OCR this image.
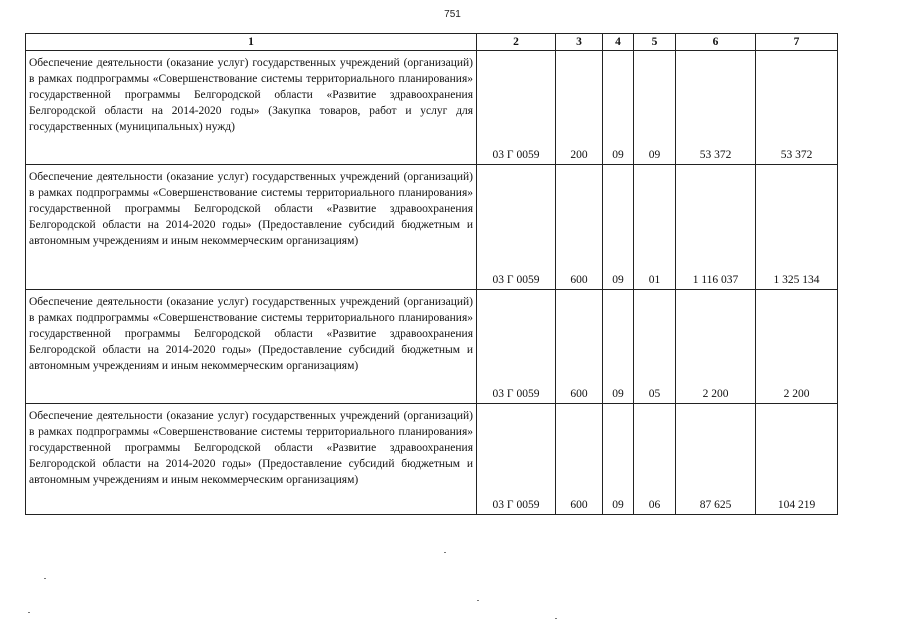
751
1	2	3	4	5	6	7
Обеспечение деятельности (оказание услуг) государственных учреждений (организаций) в рамках подпрограммы «Совершенствование системы территориального планирования» государственной программы Белгородской области «Развитие здравоохранения Белгородской области на 2014-2020 годы» (Закупка товаров, работ и услуг для государственных (муниципальных) нужд)	03 Г 0059	200	09	09	53 372	53 372
Обеспечение деятельности (оказание услуг) государственных учреждений (организаций) в рамках подпрограммы «Совершенствование системы территориального планирования» государственной программы Белгородской области «Развитие здравоохранения Белгородской области на 2014-2020 годы» (Предоставление субсидий бюджетным и автономным учреждениям и иным некоммерческим организациям)	03 Г 0059	600	09	01	1 116 037	1 325 134
Обеспечение деятельности (оказание услуг) государственных учреждений (организаций) в рамках подпрограммы «Совершенствование системы территориального планирования» государственной программы Белгородской области «Развитие здравоохранения Белгородской области на 2014-2020 годы» (Предоставление субсидий бюджетным и автономным учреждениям и иным некоммерческим организациям)	03 Г 0059	600	09	05	2 200	2 200
Обеспечение деятельности (оказание услуг) государственных учреждений (организаций) в рамках подпрограммы «Совершенствование системы территориального планирования» государственной программы Белгородской области «Развитие здравоохранения Белгородской области на 2014-2020 годы» (Предоставление субсидий бюджетным и автономным учреждениям и иным некоммерческим организациям)	03 Г 0059	600	09	06	87 625	104 219
